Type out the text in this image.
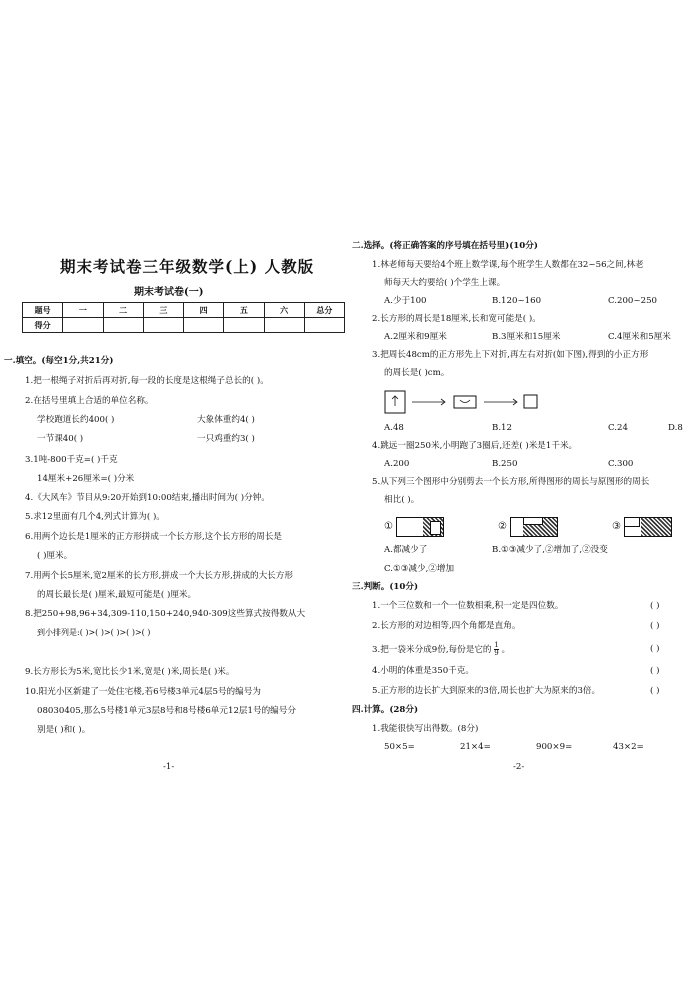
期末考试卷三年级数学(上) 人教版
期末考试卷(一)
题号	一	二	三	四	五	六	总分
得分							
一.填空。(每空1分,共21分)
1.把一根绳子对折后再对折,每一段的长度是这根绳子总长的( )。
2.在括号里填上合适的单位名称。
学校跑道长约400( )	大象体重约4( )
一节课40( )	一只鸡重约3( )
3.1吨-800千克=( )千克
14厘米+26厘米=( )分米
4.《大风车》节目从9:20开始到10:00结束,播出时间为( )分钟。
5.求12里面有几个4,列式计算为( )。
6.用两个边长是1厘米的正方形拼成一个长方形,这个长方形的周长是
( )厘米。
7.用两个长5厘米,宽2厘米的长方形,拼成一个大长方形,拼成的大长方形
的周长最长是( )厘米,最短可能是( )厘米。
8.把250+98,96+34,309-110,150+240,940-309这些算式按得数从大
到小排列是:( )>( )>( )>( )>( )
9.长方形长为5米,宽比长少1米,宽是( )米,周长是( )米。
10.阳光小区新建了一处住宅楼,若6号楼3单元4层5号的编号为
08030405,那么5号楼1单元3层8号和8号楼6单元12层1号的编号分
别是( )和( )。
-1-
二.选择。(将正确答案的序号填在括号里)(10分)
1.林老师每天要给4个班上数学课,每个班学生人数都在32~56之间,林老
师每天大约要给( )个学生上课。
A.少于100	B.120~160	C.200~250
2.长方形的周长是18厘米,长和宽可能是( )。
A.2厘米和9厘米	B.3厘米和15厘米	C.4厘米和5厘米
3.把周长48cm的正方形先上下对折,再左右对折(如下图),得到的小正方形
的周长是( )cm。
A.48	B.12	C.24	D.8
4.跳远一圈250米,小明跑了3圈后,还差( )米是1千米。
A.200	B.250	C.300
5.从下列三个图形中分别剪去一个长方形,所得图形的周长与原图形的周长
相比( )。
①	②	③
A.都减少了	B.①③减少了,②增加了,②没变
C.①③减少,②增加
三.判断。(10分)
1.一个三位数和一个一位数相乘,积一定是四位数。	( )
2.长方形的对边相等,四个角都是直角。	( )
3.把一袋米分成9份,每份是它的 $\frac{1}{9}$ 。	( )
4.小明的体重是350千克。	( )
5.正方形的边长扩大到原来的3倍,周长也扩大为原来的3倍。	( )
四.计算。(28分)
1.我能很快写出得数。(8分)
50×5=	21×4=	900×9=	43×2=
-2-
